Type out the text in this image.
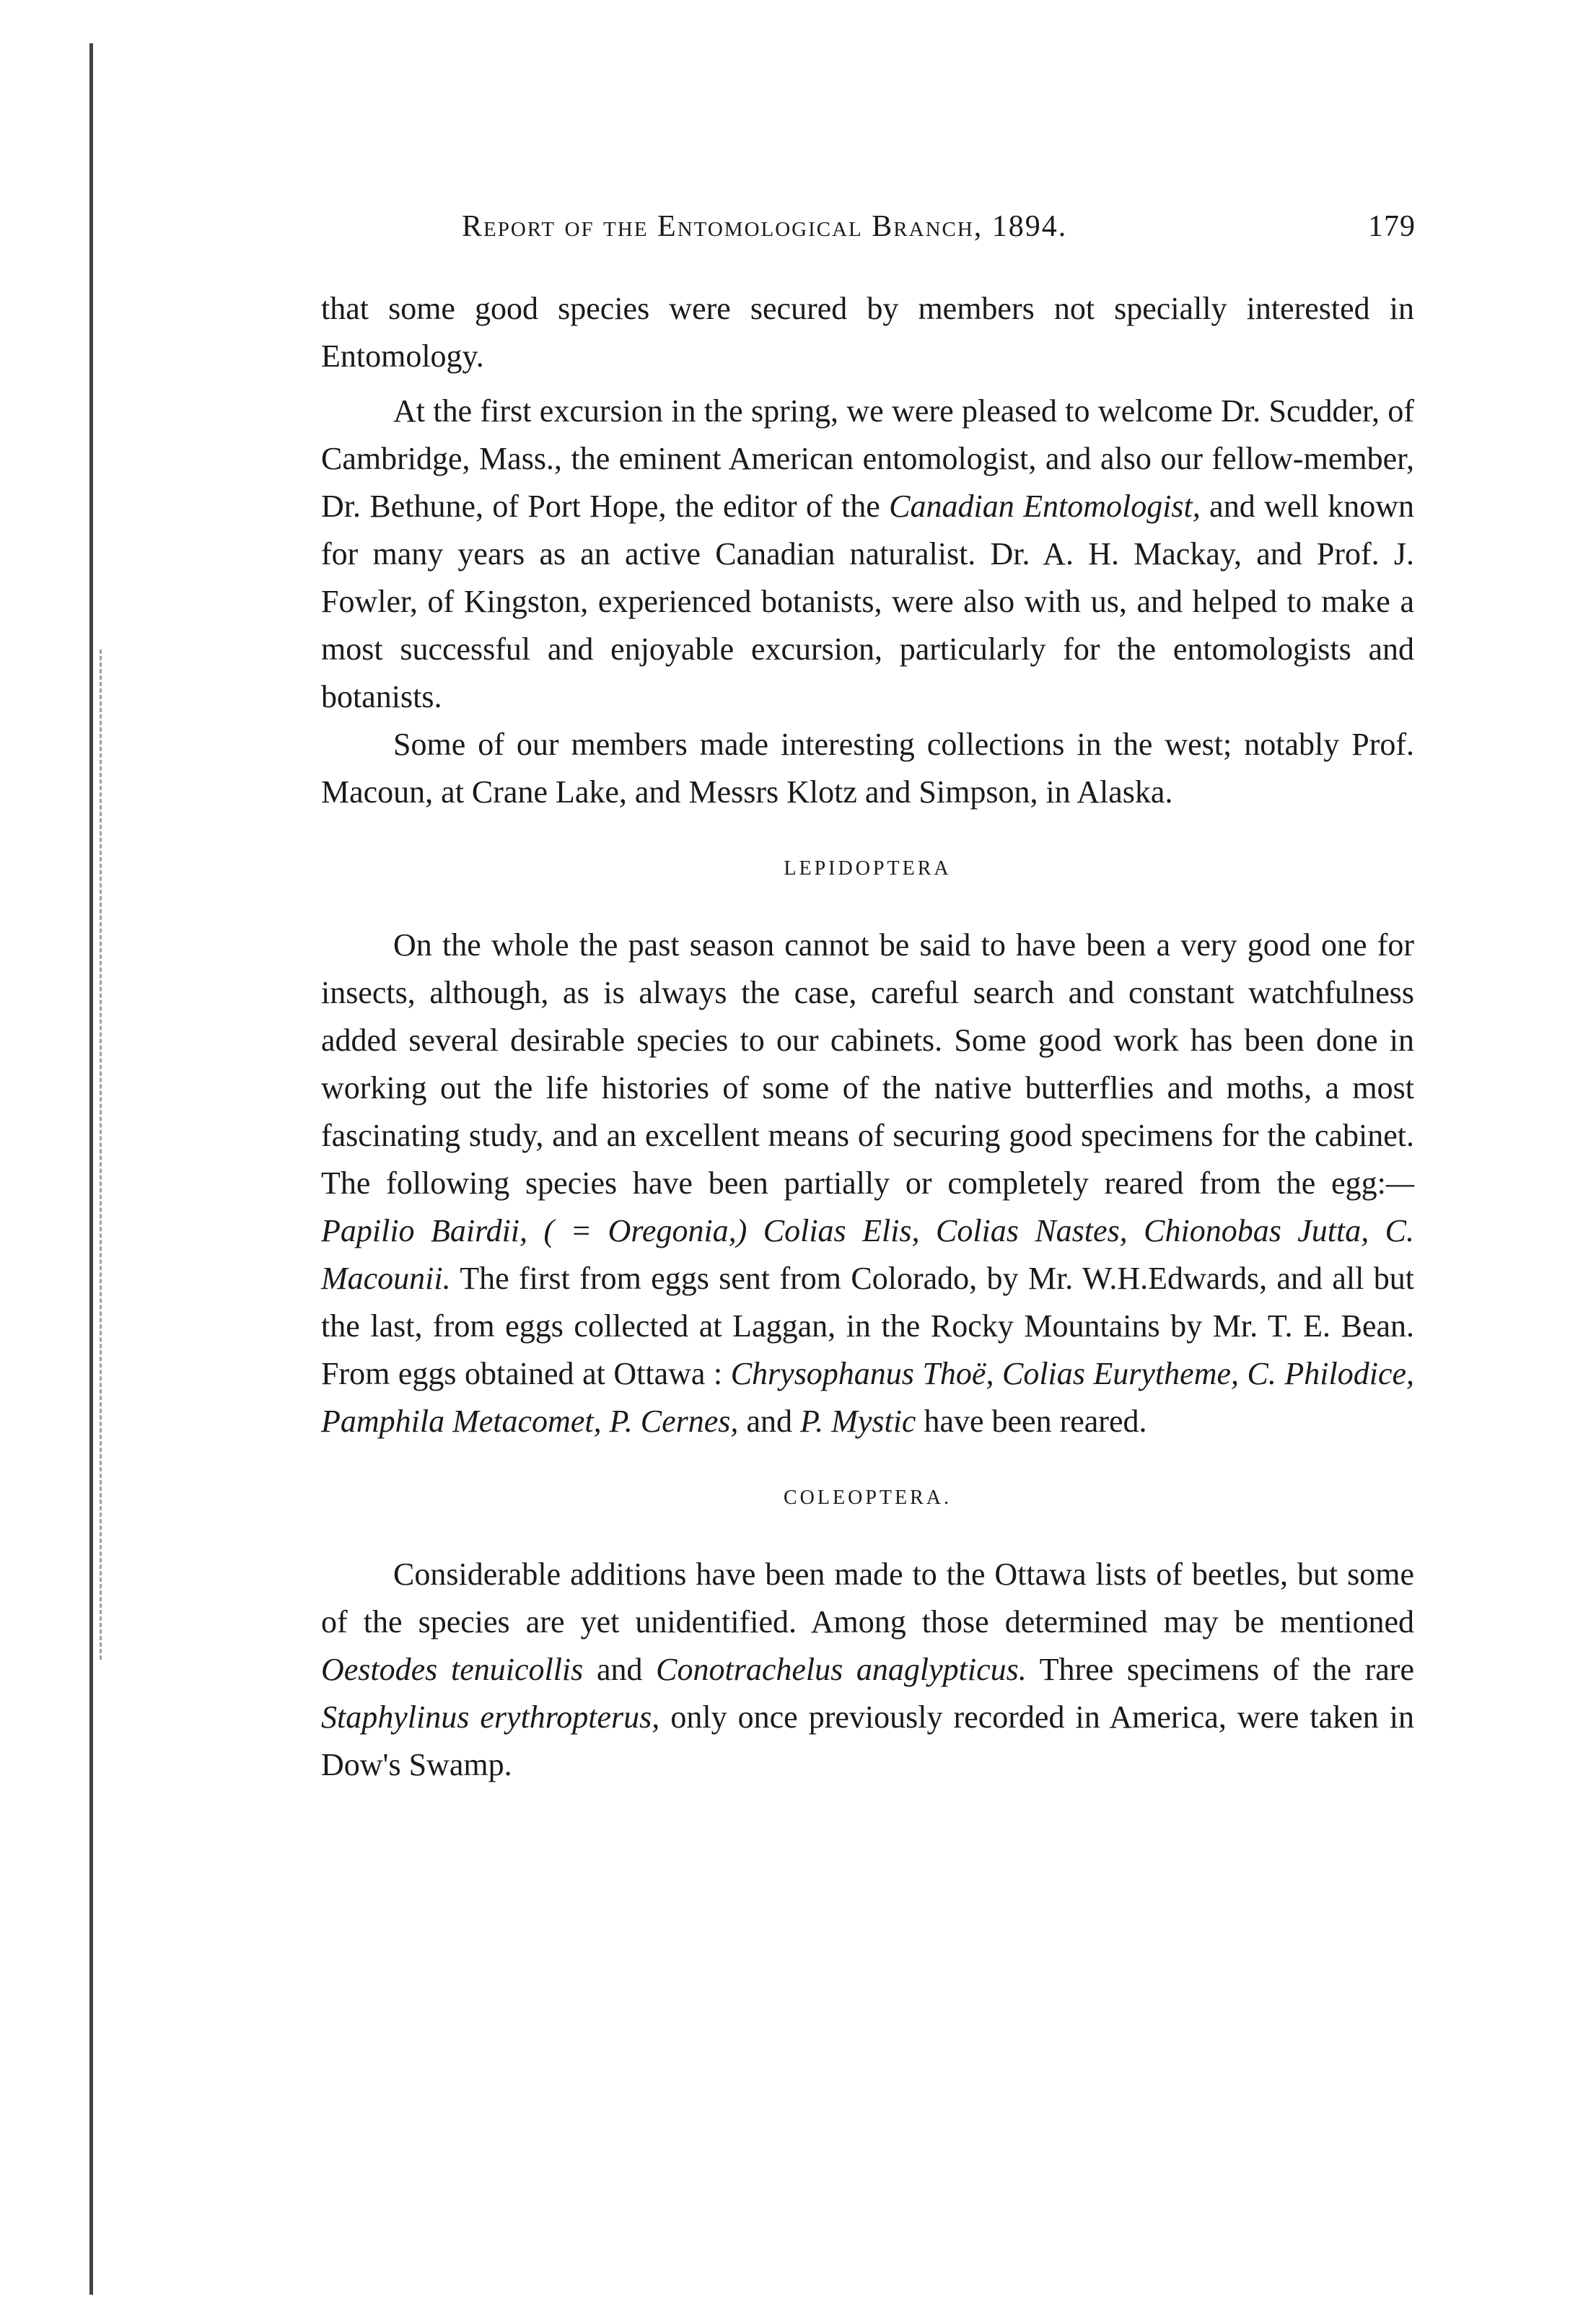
Report of the Entomological Branch, 1894.	179

that some good species were secured by members not specially interested in Entomology.

At the first excursion in the spring, we were pleased to welcome Dr. Scudder, of Cambridge, Mass., the eminent American entomologist, and also our fellow-member, Dr. Bethune, of Port Hope, the editor of the Canadian Entomologist, and well known for many years as an active Canadian naturalist. Dr. A. H. Mackay, and Prof. J. Fowler, of Kingston, experienced botanists, were also with us, and helped to make a most successful and enjoyable excursion, particularly for the entomologists and botanists.

Some of our members made interesting collections in the west; notably Prof. Macoun, at Crane Lake, and Messrs Klotz and Simpson, in Alaska.

LEPIDOPTERA

On the whole the past season cannot be said to have been a very good one for insects, although, as is always the case, careful search and constant watchfulness added several desirable species to our cabinets. Some good work has been done in working out the life histories of some of the native butterflies and moths, a most fascinating study, and an excellent means of securing good specimens for the cabinet. The following species have been partially or completely reared from the egg:—Papilio Bairdii, ( = Oregonia,) Colias Elis, Colias Nastes, Chionobas Jutta, C. Macounii. The first from eggs sent from Colorado, by Mr. W.H.Edwards, and all but the last, from eggs collected at Laggan, in the Rocky Mountains by Mr. T. E. Bean. From eggs obtained at Ottawa : Chrysophanus Thoë, Colias Eurytheme, C. Philodice, Pamphila Metacomet, P. Cernes, and P. Mystic have been reared.

COLEOPTERA.

Considerable additions have been made to the Ottawa lists of beetles, but some of the species are yet unidentified. Among those determined may be mentioned Oestodes tenuicollis and Conotrachelus anaglypticus. Three specimens of the rare Staphylinus erythropterus, only once previously recorded in America, were taken in Dow's Swamp.
